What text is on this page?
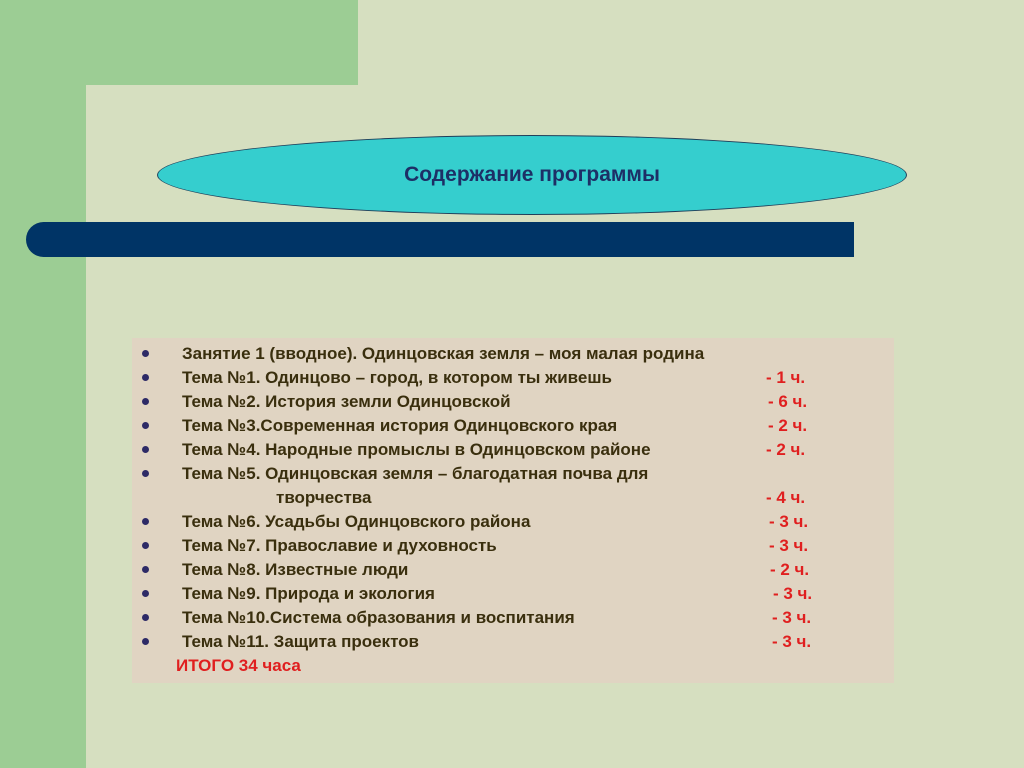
Содержание программы
Занятие 1 (вводное). Одинцовская земля – моя малая родина
Тема №1. Одинцово – город, в котором ты живешь	- 1 ч.
Тема №2. История земли Одинцовской	- 6 ч.
Тема №3.Современная история Одинцовского края	- 2 ч.
Тема №4. Народные промыслы в Одинцовском районе	- 2 ч.
Тема №5. Одинцовская земля – благодатная почва для
творчества	- 4 ч.
Тема №6. Усадьбы Одинцовского района	- 3 ч.
Тема №7. Православие и духовность	- 3 ч.
Тема №8. Известные люди	- 2 ч.
Тема №9. Природа и экология	- 3 ч.
Тема №10.Система образования и воспитания	- 3 ч.
Тема №11. Защита проектов	- 3 ч.
ИТОГО 34 часа
